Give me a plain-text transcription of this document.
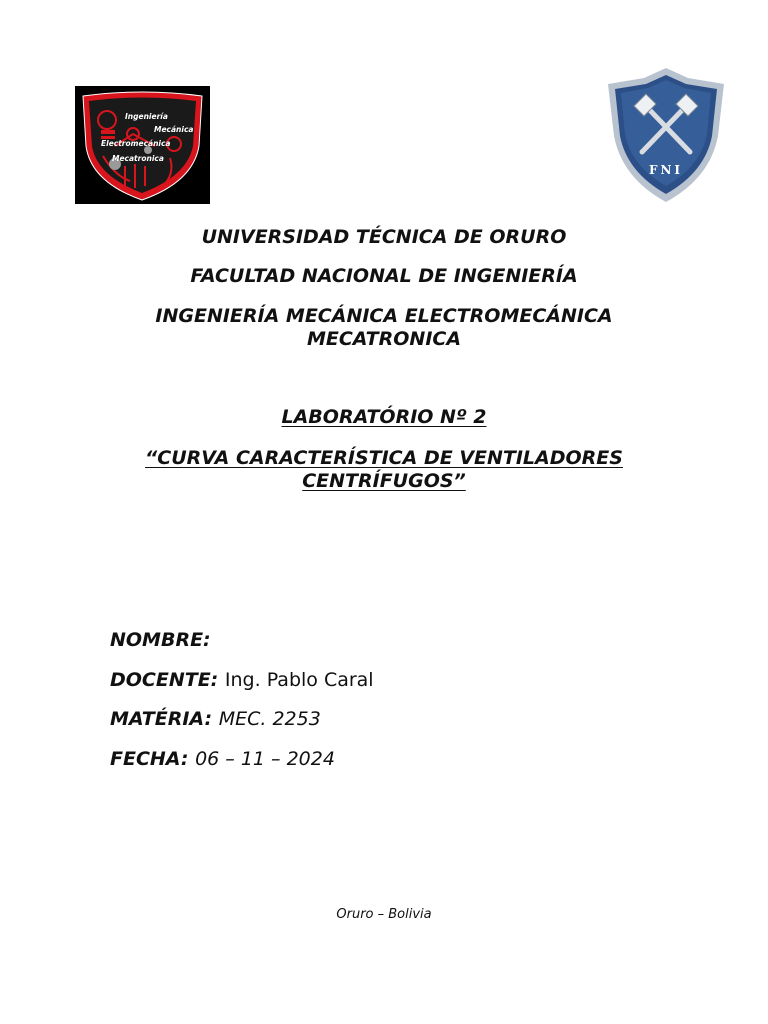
Ingeniería
Mecánica
Electromecánica
Mecatronica
FNI
UNIVERSIDAD TÉCNICA DE ORURO
FACULTAD NACIONAL DE INGENIERÍA
INGENIERÍA MECÁNICA ELECTROMECÁNICA
MECATRONICA
LABORATÓRIO Nº 2
“CURVA CARACTERÍSTICA DE VENTILADORES
CENTRÍFUGOS”
NOMBRE:
DOCENTE: Ing. Pablo Caral
MATÉRIA: MEC. 2253
FECHA: 06 – 11 – 2024
Oruro – Bolivia
